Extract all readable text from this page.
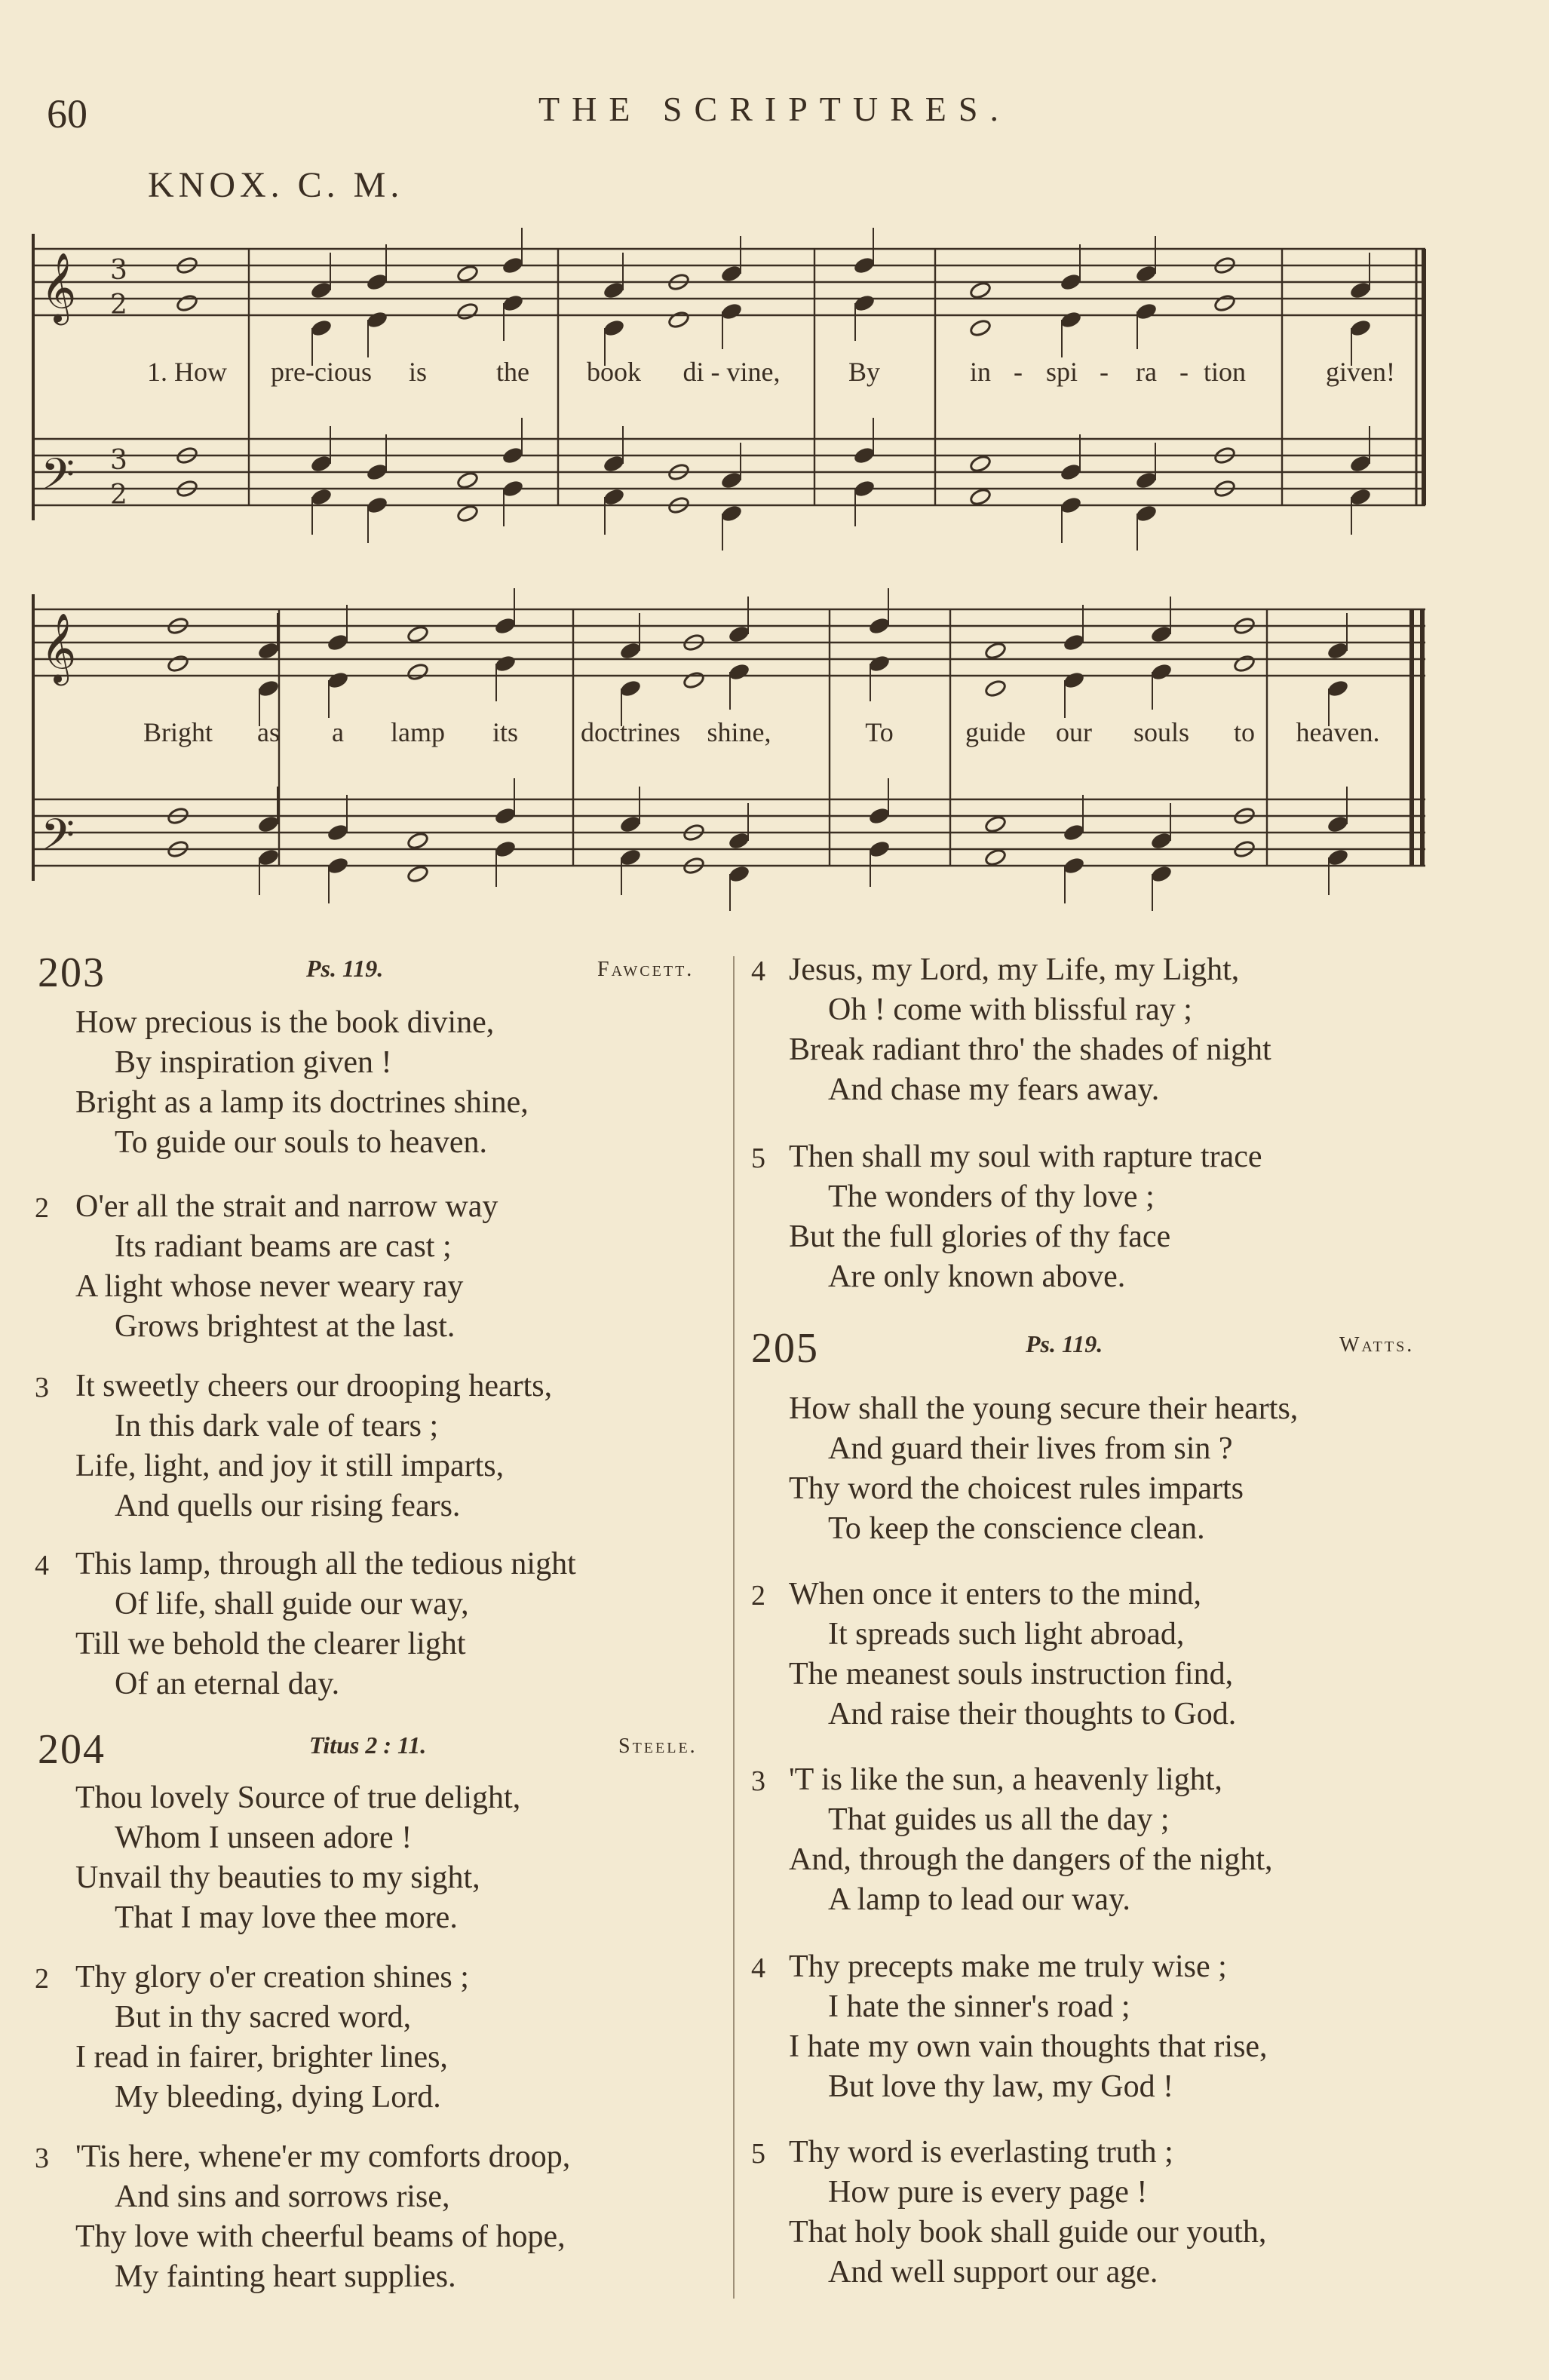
60	THE SCRIPTURES.
KNOX. C. M.
𝄞
𝄢
3
2
3
2
1. How pre-cious is	the book di - vine,	By	in - spi - ra - tion	given!
𝄞
𝄢
Bright as a lamp its doctrines shine,	To	guide our souls to heaven.
203	Ps. 119.	Fawcett.
How precious is the book divine,
By inspiration given !
Bright as a lamp its doctrines shine,
To guide our souls to heaven.
2 O'er all the strait and narrow way
Its radiant beams are cast ;
A light whose never weary ray
Grows brightest at the last.
3 It sweetly cheers our drooping hearts,
In this dark vale of tears ;
Life, light, and joy it still imparts,
And quells our rising fears.
4 This lamp, through all the tedious night
Of life, shall guide our way,
Till we behold the clearer light
Of an eternal day.
204	Titus 2 : 11.	Steele.
Thou lovely Source of true delight,
Whom I unseen adore !
Unvail thy beauties to my sight,
That I may love thee more.
2 Thy glory o'er creation shines ;
But in thy sacred word,
I read in fairer, brighter lines,
My bleeding, dying Lord.
3 'Tis here, whene'er my comforts droop,
And sins and sorrows rise,
Thy love with cheerful beams of hope,
My fainting heart supplies.
4 Jesus, my Lord, my Life, my Light,
Oh ! come with blissful ray ;
Break radiant thro' the shades of night
And chase my fears away.
5 Then shall my soul with rapture trace
The wonders of thy love ;
But the full glories of thy face
Are only known above.
205	Ps. 119.	Watts.
How shall the young secure their hearts,
And guard their lives from sin ?
Thy word the choicest rules imparts
To keep the conscience clean.
2 When once it enters to the mind,
It spreads such light abroad,
The meanest souls instruction find,
And raise their thoughts to God.
3 'T is like the sun, a heavenly light,
That guides us all the day ;
And, through the dangers of the night,
A lamp to lead our way.
4 Thy precepts make me truly wise ;
I hate the sinner's road ;
I hate my own vain thoughts that rise,
But love thy law, my God !
5 Thy word is everlasting truth ;
How pure is every page !
That holy book shall guide our youth,
And well support our age.
